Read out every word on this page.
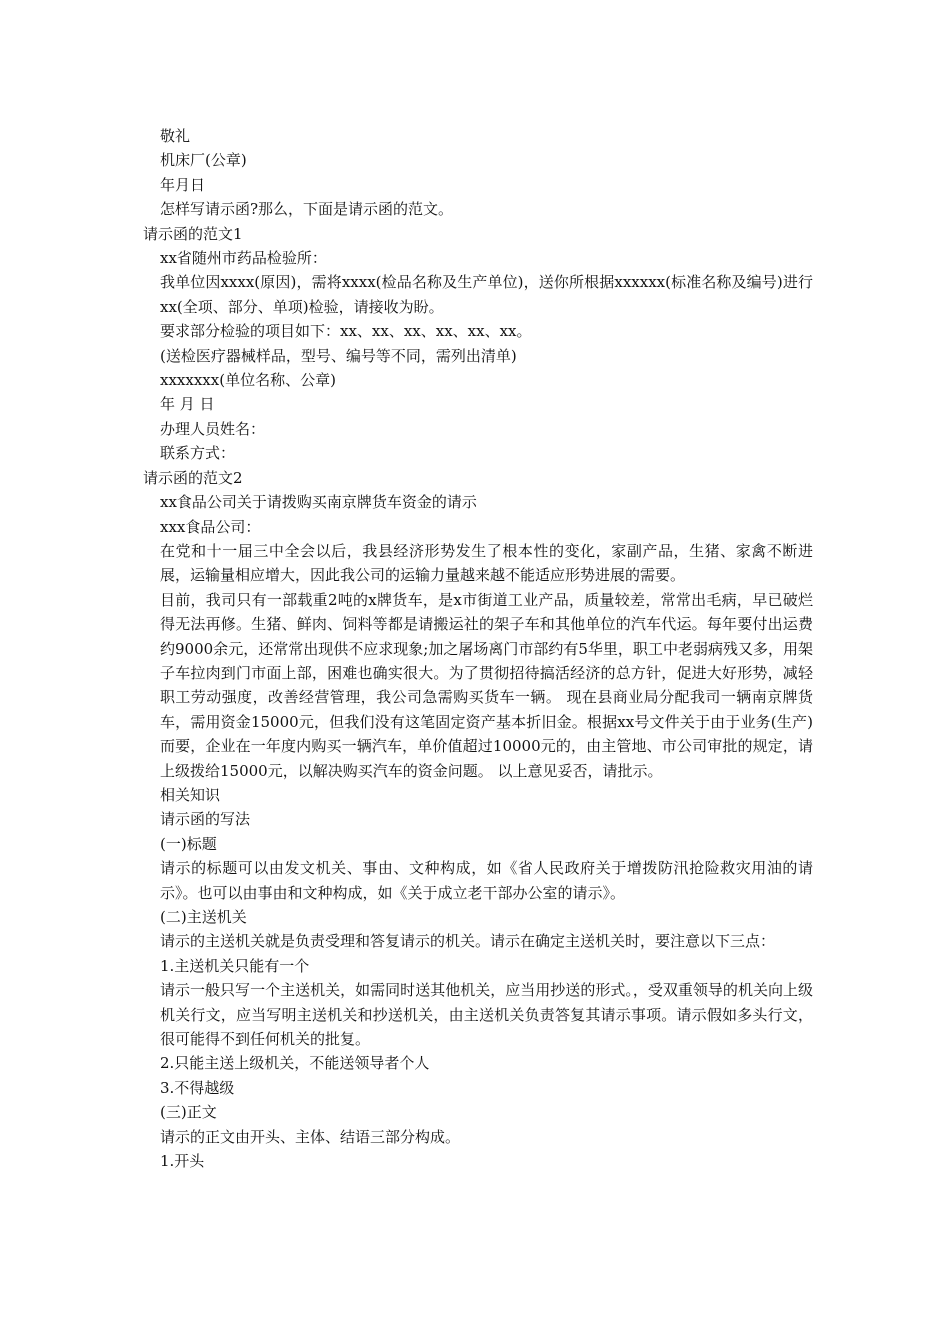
敬礼

机床厂(公章)

年月日

怎样写请示函?那么，下面是请示函的范文。

请示函的范文1

xx省随州市药品检验所：

我单位因xxxx(原因)，需将xxxx(检品名称及生产单位)，送你所根据xxxxxx(标准名称及编号)进行xx(全项、部分、单项)检验，请接收为盼。

要求部分检验的项目如下：xx、xx、xx、xx、xx、xx。

(送检医疗器械样品，型号、编号等不同，需列出清单)

xxxxxxx(单位名称、公章)

年 月 日

办理人员姓名：

联系方式：

请示函的范文2

xx食品公司关于请拨购买南京牌货车资金的请示

xxx食品公司：

在党和十一届三中全会以后，我县经济形势发生了根本性的变化，家副产品，生猪、家禽不断进展，运输量相应增大，因此我公司的运输力量越来越不能适应形势进展的需要。

目前，我司只有一部载重2吨的x牌货车，是x市街道工业产品，质量较差，常常出毛病，早已破烂得无法再修。生猪、鲜肉、饲料等都是请搬运社的架子车和其他单位的汽车代运。每年要付出运费约9000余元，还常常出现供不应求现象;加之屠场离门市部约有5华里，职工中老弱病残又多，用架子车拉肉到门市面上部，困难也确实很大。为了贯彻招待搞活经济的总方针，促进大好形势，减轻职工劳动强度，改善经营管理，我公司急需购买货车一辆。 现在县商业局分配我司一辆南京牌货车，需用资金15000元，但我们没有这笔固定资产基本折旧金。根据xx号文件关于由于业务(生产)而要，企业在一年度内购买一辆汽车，单价值超过10000元的，由主管地、市公司审批的规定，请上级拨给15000元，以解决购买汽车的资金问题。 以上意见妥否，请批示。

相关知识

请示函的写法

(一)标题

请示的标题可以由发文机关、事由、文种构成，如《省人民政府关于增拨防汛抢险救灾用油的请示》。也可以由事由和文种构成，如《关于成立老干部办公室的请示》。

(二)主送机关

请示的主送机关就是负责受理和答复请示的机关。请示在确定主送机关时，要注意以下三点：

1.主送机关只能有一个

请示一般只写一个主送机关，如需同时送其他机关，应当用抄送的形式。，受双重领导的机关向上级机关行文，应当写明主送机关和抄送机关，由主送机关负责答复其请示事项。请示假如多头行文，很可能得不到任何机关的批复。

2.只能主送上级机关，不能送领导者个人

3.不得越级

(三)正文

请示的正文由开头、主体、结语三部分构成。

1.开头
